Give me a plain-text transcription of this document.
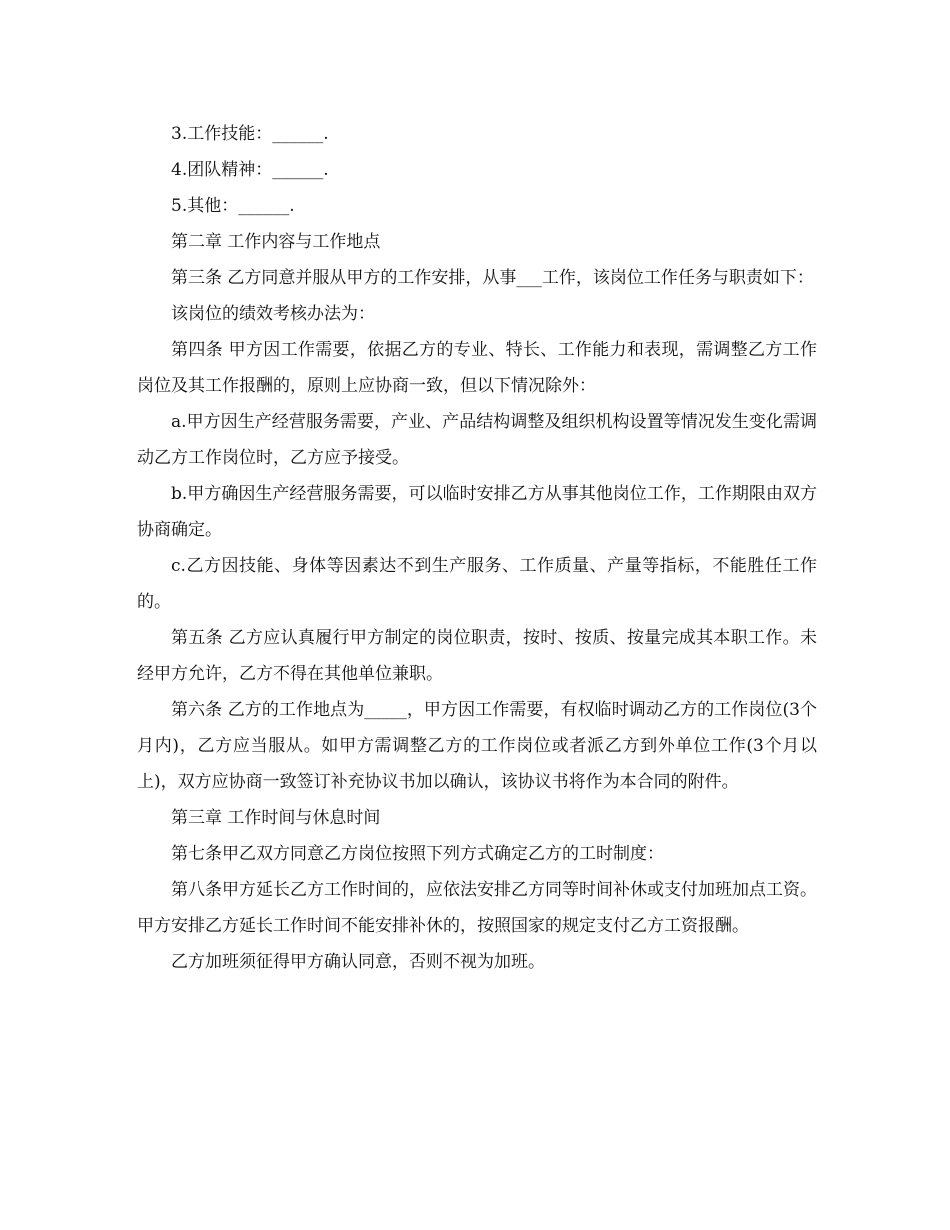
3.工作技能：______.

4.团队精神：______.

5.其他：______.

第二章 工作内容与工作地点

第三条 乙方同意并服从甲方的工作安排，从事___工作，该岗位工作任务与职责如下：

该岗位的绩效考核办法为：

第四条 甲方因工作需要，依据乙方的专业、特长、工作能力和表现，需调整乙方工作岗位及其工作报酬的，原则上应协商一致，但以下情况除外：

a.甲方因生产经营服务需要，产业、产品结构调整及组织机构设置等情况发生变化需调动乙方工作岗位时，乙方应予接受。

b.甲方确因生产经营服务需要，可以临时安排乙方从事其他岗位工作，工作期限由双方协商确定。

c.乙方因技能、身体等因素达不到生产服务、工作质量、产量等指标，不能胜任工作的。

第五条 乙方应认真履行甲方制定的岗位职责，按时、按质、按量完成其本职工作。未经甲方允许，乙方不得在其他单位兼职。

第六条 乙方的工作地点为_____，甲方因工作需要，有权临时调动乙方的工作岗位(3个月内)，乙方应当服从。如甲方需调整乙方的工作岗位或者派乙方到外单位工作(3个月以上)，双方应协商一致签订补充协议书加以确认，该协议书将作为本合同的附件。

第三章 工作时间与休息时间

第七条甲乙双方同意乙方岗位按照下列方式确定乙方的工时制度：

第八条甲方延长乙方工作时间的，应依法安排乙方同等时间补休或支付加班加点工资。甲方安排乙方延长工作时间不能安排补休的，按照国家的规定支付乙方工资报酬。

乙方加班须征得甲方确认同意，否则不视为加班。
